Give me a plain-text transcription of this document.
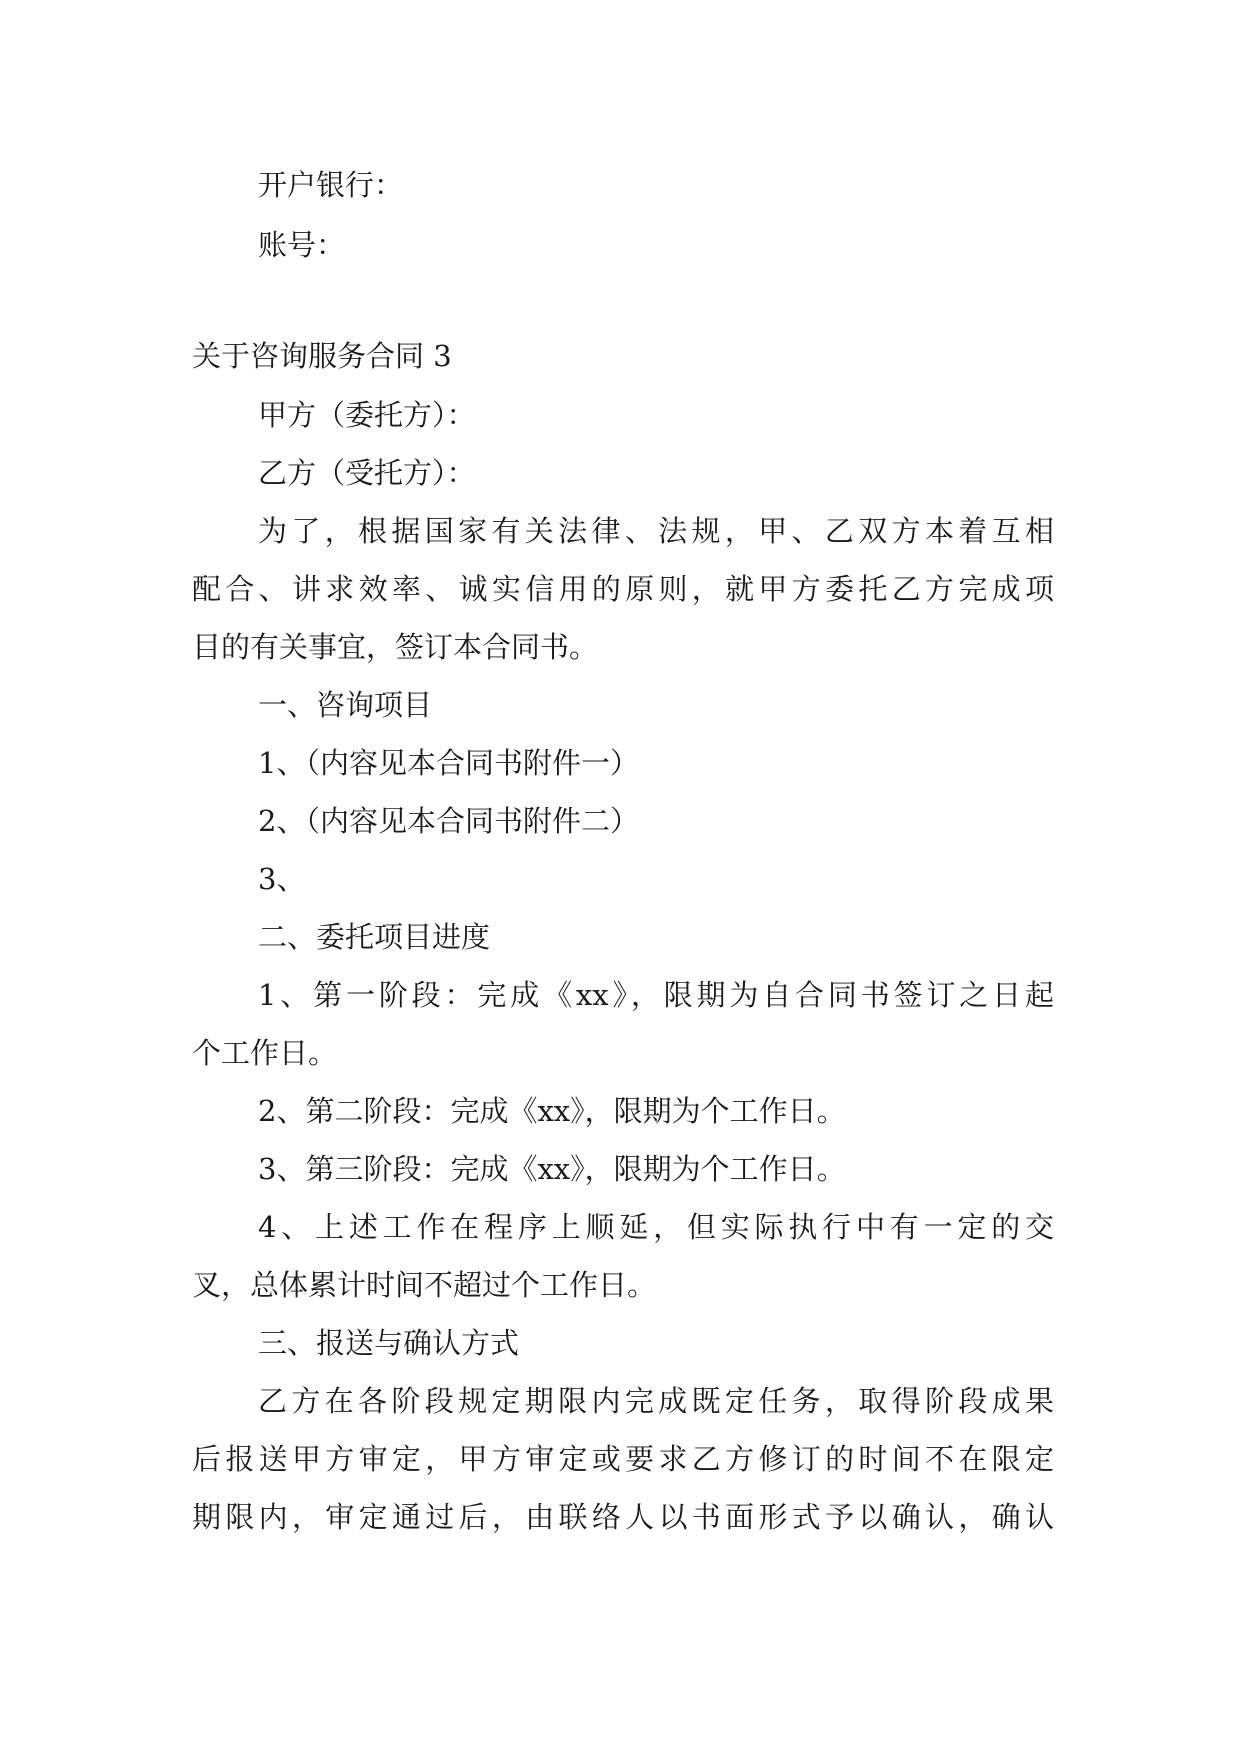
开户银行：
账号：
关于咨询服务合同 3
甲方（委托方）：
乙方（受托方）：
为了，根据国家有关法律、法规，甲、乙双方本着互相
配合、讲求效率、诚实信用的原则，就甲方委托乙方完成项
目的有关事宜，签订本合同书。
一、咨询项目
1、（内容见本合同书附件一）
2、（内容见本合同书附件二）
3、
二、委托项目进度
1、第一阶段：完成《xx》，限期为自合同书签订之日起
个工作日。
2、第二阶段：完成《xx》，限期为个工作日。
3、第三阶段：完成《xx》，限期为个工作日。
4、上述工作在程序上顺延，但实际执行中有一定的交
叉，总体累计时间不超过个工作日。
三、报送与确认方式
乙方在各阶段规定期限内完成既定任务，取得阶段成果
后报送甲方审定，甲方审定或要求乙方修订的时间不在限定
期限内，审定通过后，由联络人以书面形式予以确认，确认
